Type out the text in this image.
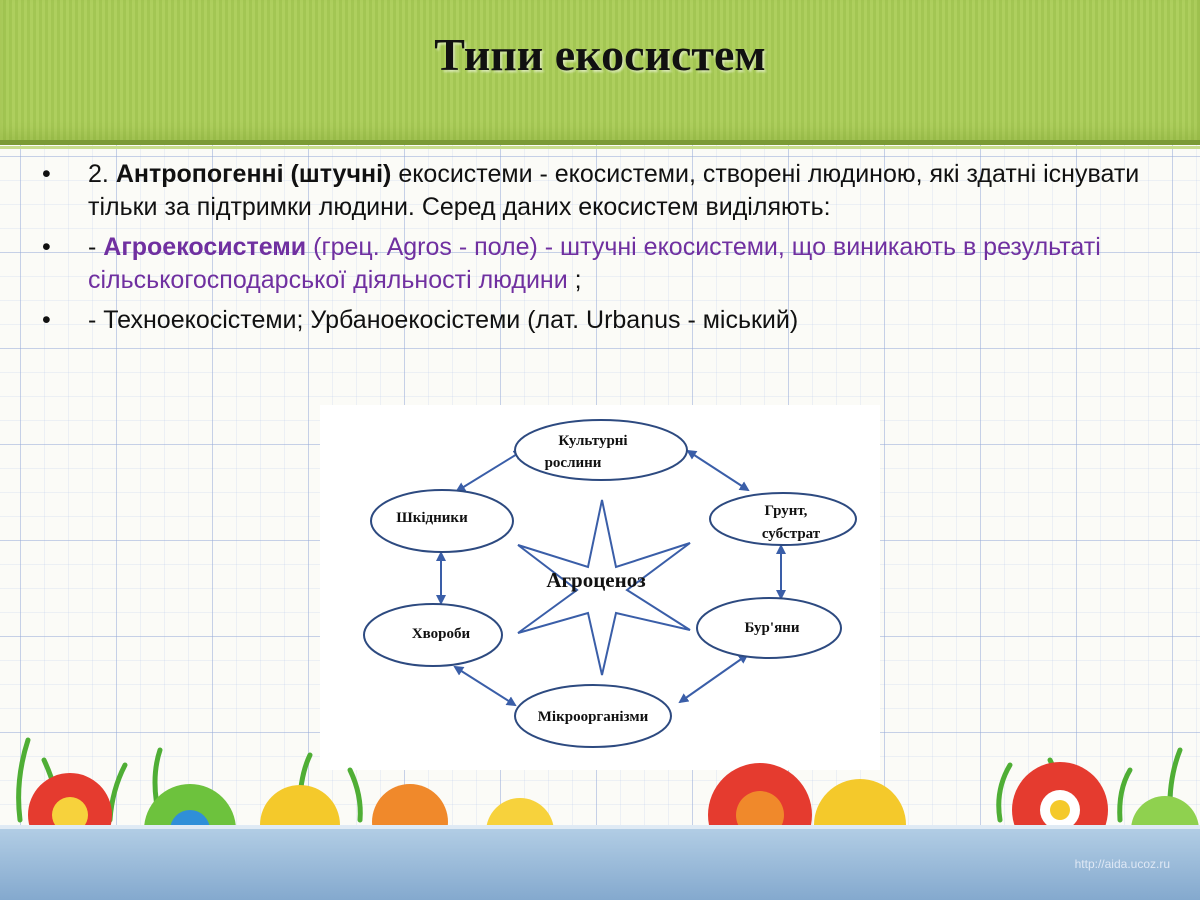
Типи екосистем
• 2. Антропогенні (штучні) екосистеми - екосистеми, створені людиною, які здатні існувати тільки за підтримки людини. Серед даних екосистем виділяють:
• - Агроекосистеми (грец. Agros - поле) - штучні екосистеми, що виникають в результаті сільськогосподарської діяльності людини ;
• - Техноекосістеми; Урбаноекосістеми (лат. Urbanus - міський)
Агроценоз
Культурні
рослини
Шкідники	Грунт,
субстрат
Хвороби	Бур'яни
Мікроорганізми
http://aida.ucoz.ru
